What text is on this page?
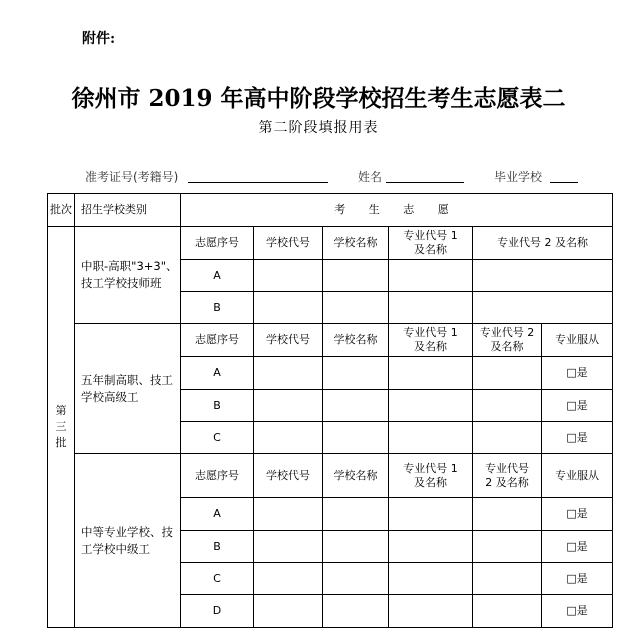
附件:
徐州市 2019 年高中阶段学校招生考生志愿表二
第二阶段填报用表
准考证号(考籍号)	姓名	毕业学校
批次	招生学校类别	考 生 志 愿					
第三批	中职-高职"3+3"、技工学校技师班	志愿序号	学校代号	学校名称	专业代号 1 及名称	专业代号 2 及名称	
		A					
		B					
	五年制高职、技工学校高级工	志愿序号	学校代号	学校名称	专业代号 1 及名称	专业代号 2 及名称	专业服从
		A					□是
		B					□是
		C					□是
	中等专业学校、技工学校中级工	志愿序号	学校代号	学校名称	专业代号 1 及名称	专业代号 2 及名称	专业服从
		A					□是
		B					□是
		C					□是
		D					□是
